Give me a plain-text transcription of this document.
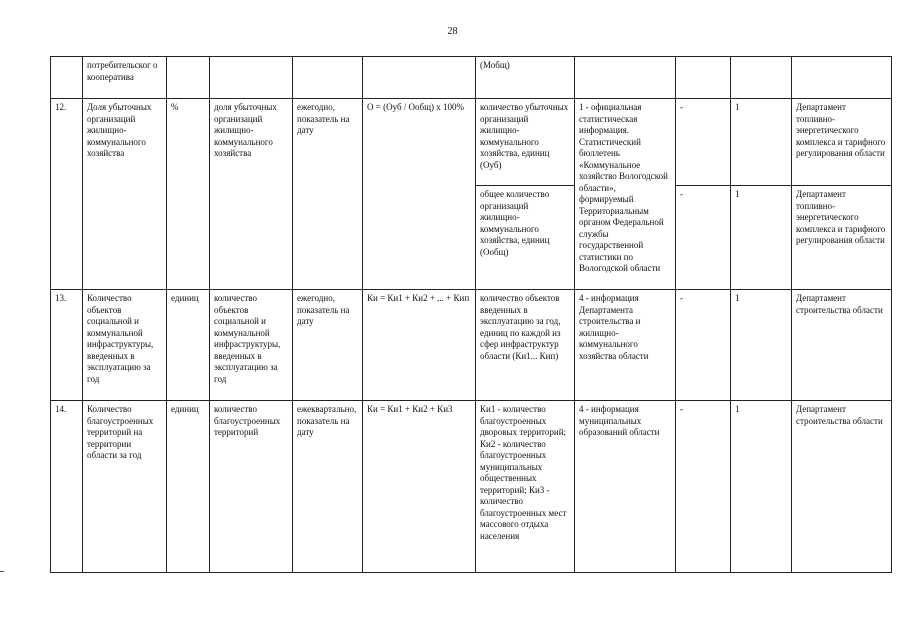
28
	потребительског о кооператива					(Мобщ)				
12.	Доля убыточных организаций жилищно-коммунального хозяйства	%	доля убыточных организаций жилищно-коммунального хозяйства	ежегодно, показатель на дату	О = (Оуб / Ообщ) х 100%	количество убыточных организаций жилищно-коммунального хозяйства, единиц (Оуб)	1 - официальная статистическая информация. Статистический бюллетень «Коммунальное хозяйство Вологодской области», формируемый Территориальным органом Федеральной службы государственной статистики по Вологодской области	-	1	Департамент топливно-энергетического комплекса и тарифного регулирования области
						общее количество организаций жилищно-коммунального хозяйства, единиц (Ообщ)		-	1	Департамент топливно-энергетического комплекса и тарифного регулирования области
13.	Количество объектов социальной и коммунальной инфраструктуры, введенных в эксплуатацию за год	единиц	количество объектов социальной и коммунальной инфраструктуры, введенных в эксплуатацию за год	ежегодно, показатель на дату	Ки = Ки1 + Ки2 + ... + Кип	количество объектов введенных в эксплуатацию за год, единиц по каждой из сфер инфраструктур области (Ки1... Кип)	4 - информация Департамента строительства и жилищно-коммунального хозяйства области	-	1	Департамент строительства области
14.	Количество благоустроенных территорий на территории области за год	единиц	количество благоустроенных территорий	ежеквартально, показатель на дату	Ки = Ки1 + Ки2 + Ки3	Ки1 - количество благоустроенных дворовых территорий; Ки2 - количество благоустроенных муниципальных общественных территорий; Ки3 - количество благоустроенных мест массового отдыха населения	4 - информация муниципальных образований области	-	1	Департамент строительства области
